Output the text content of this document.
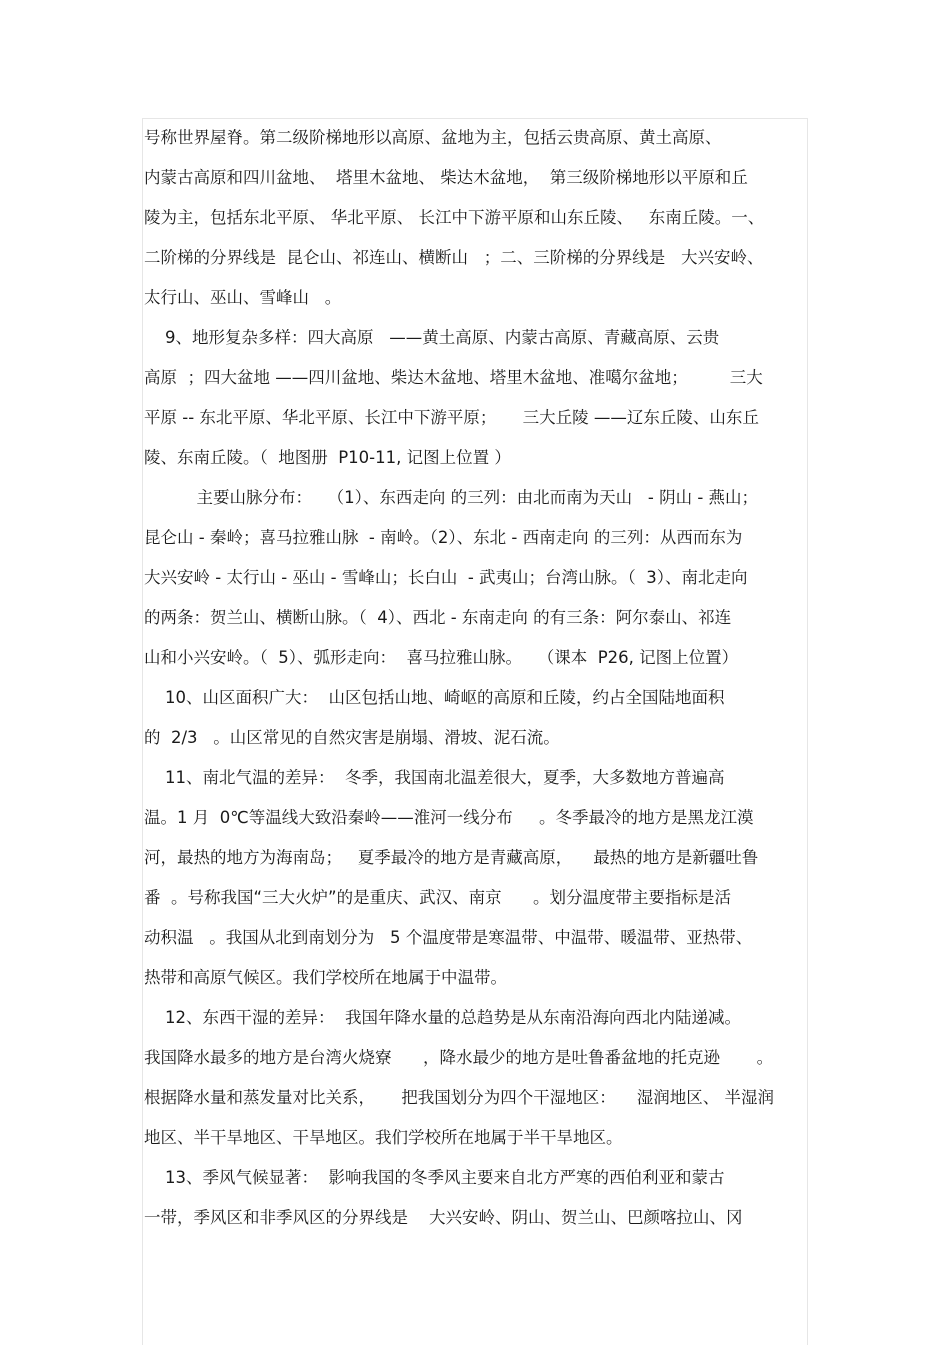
号称世界屋脊。第二级阶梯地形以高原、盆地为主，包括云贵高原、黄土高原、
内蒙古高原和四川盆地、  塔里木盆地、 柴达木盆地，  第三级阶梯地形以平原和丘
陵为主，包括东北平原、 华北平原、 长江中下游平原和山东丘陵、   东南丘陵。一、
二阶梯的分界线是  昆仑山、祁连山、横断山   ；二、三阶梯的分界线是   大兴安岭、
太行山、巫山、雪峰山   。
9、地形复杂多样：四大高原   ——黄土高原、内蒙古高原、青藏高原、云贵
高原  ；四大盆地 ——四川盆地、柴达木盆地、塔里木盆地、准噶尔盆地；        三大
平原 -- 东北平原、华北平原、长江中下游平原；     三大丘陵 ——辽东丘陵、山东丘
陵、东南丘陵。（  地图册  P10-11, 记图上位置 ）
主要山脉分布：   （1）、东西走向 的三列：由北而南为天山   - 阴山 - 燕山；
昆仑山 - 秦岭；喜马拉雅山脉  - 南岭。（2）、东北 - 西南走向 的三列：从西而东为
大兴安岭 - 太行山 - 巫山 - 雪峰山；长白山  - 武夷山；台湾山脉。（  3）、南北走向
的两条：贺兰山、横断山脉。（  4）、西北 - 东南走向 的有三条：阿尔泰山、祁连
山和小兴安岭。（  5）、弧形走向：  喜马拉雅山脉。   （课本  P26, 记图上位置）
10、山区面积广大：  山区包括山地、崎岖的高原和丘陵，约占全国陆地面积
的  2/3   。山区常见的自然灾害是崩塌、滑坡、泥石流。
11、南北气温的差异：  冬季，我国南北温差很大，夏季，大多数地方普遍高
温。1 月  0℃等温线大致沿秦岭——淮河一线分布     。冬季最冷的地方是黑龙江漠
河，最热的地方为海南岛；   夏季最冷的地方是青藏高原，    最热的地方是新疆吐鲁
番  。号称我国“三大火炉”的是重庆、武汉、南京      。划分温度带主要指标是活
动积温   。我国从北到南划分为   5 个温度带是寒温带、中温带、暖温带、亚热带、
热带和高原气候区。我们学校所在地属于中温带。
12、东西干湿的差异：  我国年降水量的总趋势是从东南沿海向西北内陆递减。
我国降水最多的地方是台湾火烧寮      ，降水最少的地方是吐鲁番盆地的托克逊       。
根据降水量和蒸发量对比关系，     把我国划分为四个干湿地区：    湿润地区、 半湿润
地区、半干旱地区、干旱地区。我们学校所在地属于半干旱地区。
13、季风气候显著：  影响我国的冬季风主要来自北方严寒的西伯利亚和蒙古
一带，季风区和非季风区的分界线是    大兴安岭、阴山、贺兰山、巴颜喀拉山、冈
